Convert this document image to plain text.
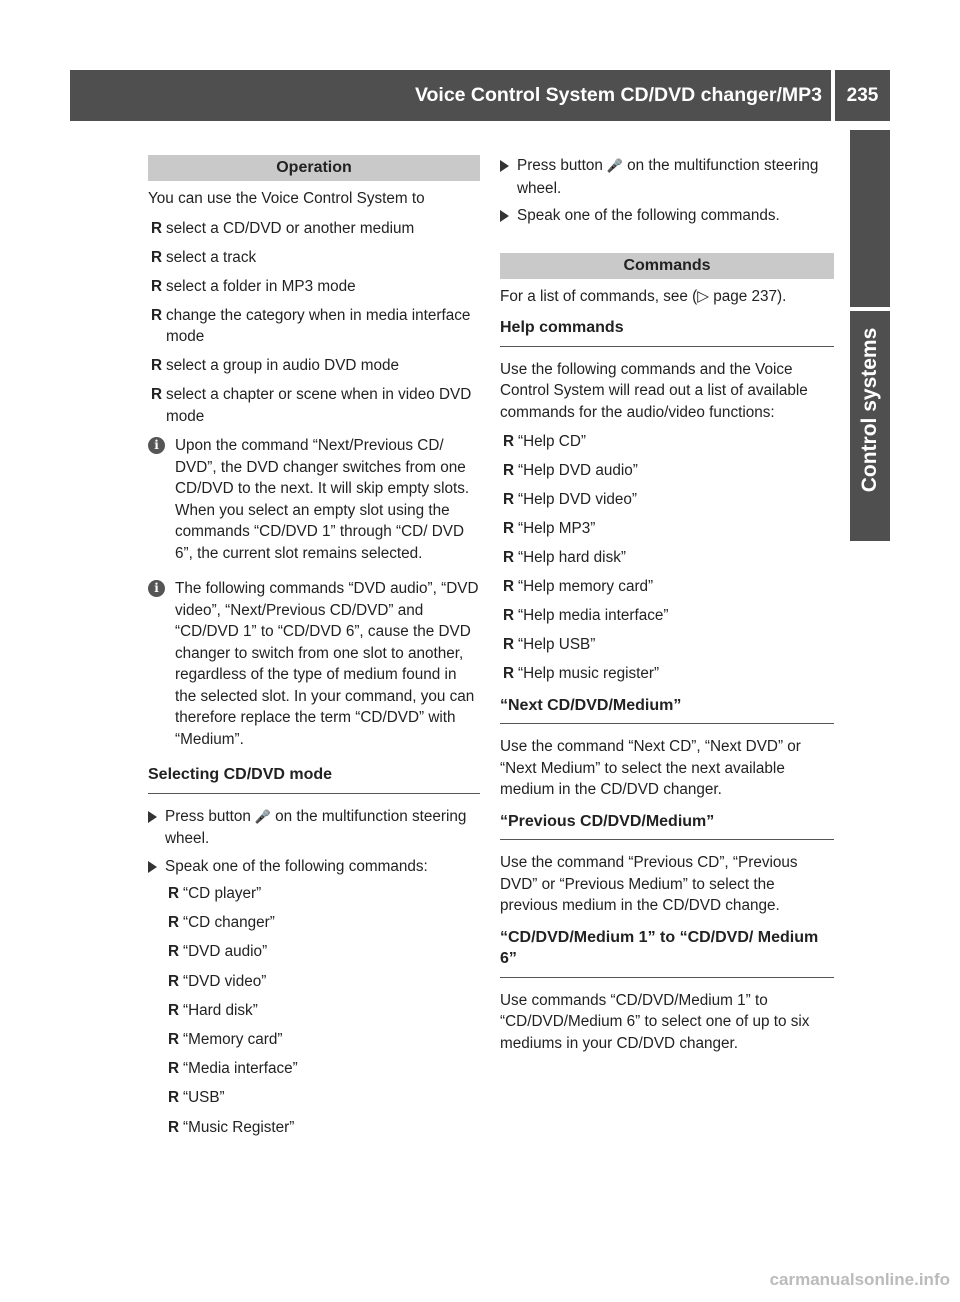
Voice Control System CD/DVD changer/MP3	235
Control systems
Operation

You can use the Voice Control System to

R select a CD/DVD or another medium
R select a track
R select a folder in MP3 mode
R change the category when in media interface mode
R select a group in audio DVD mode
R select a chapter or scene when in video DVD mode
i	Upon the command “Next/Previous CD/ DVD”, the DVD changer switches from one CD/DVD to the next. It will skip empty slots. When you select an empty slot using the commands “CD/DVD 1” through “CD/ DVD 6”, the current slot remains selected.
i	The following commands “DVD audio”, “DVD video”, “Next/Previous CD/DVD” and “CD/DVD 1” to “CD/DVD 6”, cause the DVD changer to switch from one slot to another, regardless of the type of medium found in the selected slot. In your command, you can therefore replace the term “CD/DVD” with “Medium”.
Selecting CD/DVD mode
Press button 🎤 on the multifunction steering wheel.
Speak one of the following commands:
R “CD player”
R “CD changer”
R “DVD audio”
R “DVD video”
R “Hard disk”
R “Memory card”
R “Media interface”
R “USB”
R “Music Register”
Press button 🎤 on the multifunction steering wheel.
Speak one of the following commands.
Commands

For a list of commands, see (▷ page 237).

Help commands

Use the following commands and the Voice Control System will read out a list of available commands for the audio/video functions:

R “Help CD”
R “Help DVD audio”
R “Help DVD video”
R “Help MP3”
R “Help hard disk”
R “Help memory card”
R “Help media interface”
R “Help USB”
R “Help music register”
“Next CD/DVD/Medium”

Use the command “Next CD”, “Next DVD” or “Next Medium” to select the next available medium in the CD/DVD changer.

“Previous CD/DVD/Medium”

Use the command “Previous CD”, “Previous DVD” or “Previous Medium” to select the previous medium in the CD/DVD change.

“CD/DVD/Medium 1” to “CD/DVD/ Medium 6”

Use commands “CD/DVD/Medium 1” to “CD/DVD/Medium 6” to select one of up to six mediums in your CD/DVD changer.

carmanualsonline.info
